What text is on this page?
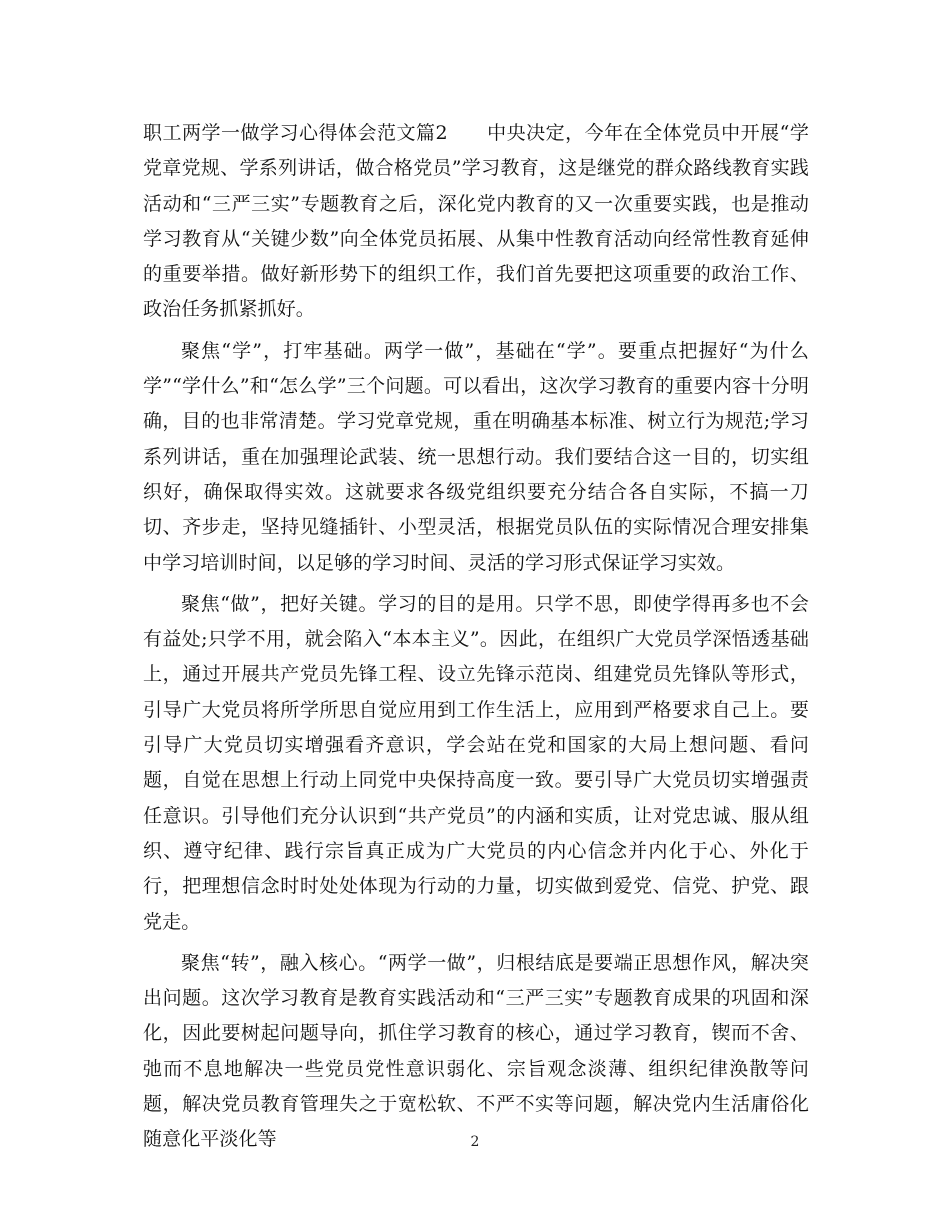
职工两学一做学习心得体会范文篇2　　中央决定，今年在全体党员中开展“学党章党规、学系列讲话，做合格党员”学习教育，这是继党的群众路线教育实践活动和“三严三实”专题教育之后，深化党内教育的又一次重要实践，也是推动学习教育从“关键少数”向全体党员拓展、从集中性教育活动向经常性教育延伸的重要举措。做好新形势下的组织工作，我们首先要把这项重要的政治工作、政治任务抓紧抓好。

聚焦“学”，打牢基础。两学一做”，基础在“学”。要重点把握好“为什么学”“学什么”和“怎么学”三个问题。可以看出，这次学习教育的重要内容十分明确，目的也非常清楚。学习党章党规，重在明确基本标准、树立行为规范;学习系列讲话，重在加强理论武装、统一思想行动。我们要结合这一目的，切实组织好，确保取得实效。这就要求各级党组织要充分结合各自实际，不搞一刀切、齐步走，坚持见缝插针、小型灵活，根据党员队伍的实际情况合理安排集中学习培训时间，以足够的学习时间、灵活的学习形式保证学习实效。

聚焦“做”，把好关键。学习的目的是用。只学不思，即使学得再多也不会有益处;只学不用，就会陷入“本本主义”。因此，在组织广大党员学深悟透基础上，通过开展共产党员先锋工程、设立先锋示范岗、组建党员先锋队等形式，引导广大党员将所学所思自觉应用到工作生活上，应用到严格要求自己上。要引导广大党员切实增强看齐意识，学会站在党和国家的大局上想问题、看问题，自觉在思想上行动上同党中央保持高度一致。要引导广大党员切实增强责任意识。引导他们充分认识到“共产党员”的内涵和实质，让对党忠诚、服从组织、遵守纪律、践行宗旨真正成为广大党员的内心信念并内化于心、外化于行，把理想信念时时处处体现为行动的力量，切实做到爱党、信党、护党、跟党走。

聚焦“转”，融入核心。“两学一做”，归根结底是要端正思想作风，解决突出问题。这次学习教育是教育实践活动和“三严三实”专题教育成果的巩固和深化，因此要树起问题导向，抓住学习教育的核心，通过学习教育，锲而不舍、弛而不息地解决一些党员党性意识弱化、宗旨观念淡薄、组织纪律涣散等问题，解决党员教育管理失之于宽松软、不严不实等问题，解决党内生活庸俗化随意化平淡化等	2
